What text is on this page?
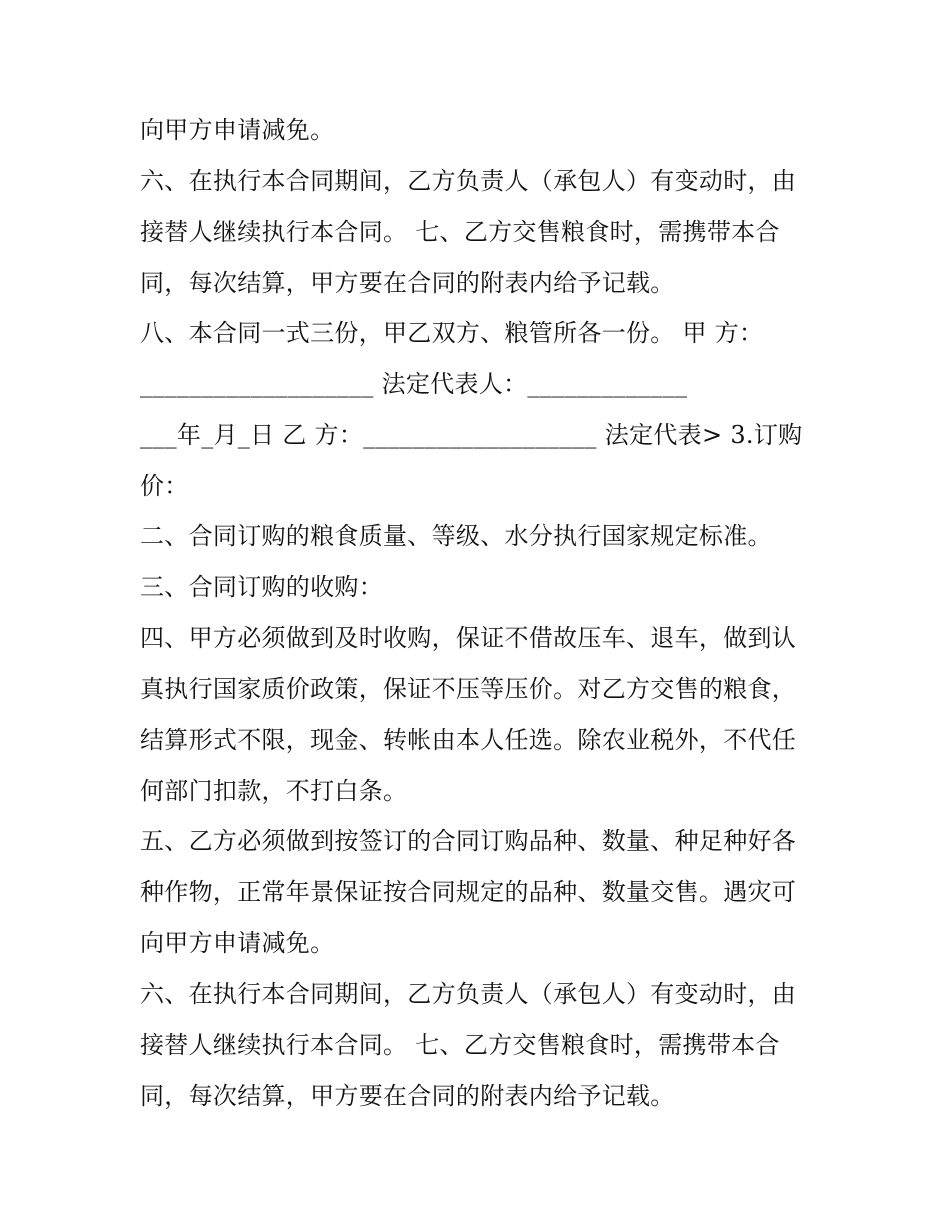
向甲方申请减免。
六、在执行本合同期间，乙方负责人（承包人）有变动时，由
接替人继续执行本合同。 七、乙方交售粮食时，需携带本合
同，每次结算，甲方要在合同的附表内给予记载。
八、本合同一式三份，甲乙双方、粮管所各一份。 甲 方：
___________________ 法定代表人：_____________
___年_月_日 乙 方：___________________ 法定代表> 3.订购
价：
二、合同订购的粮食质量、等级、水分执行国家规定标准。
三、合同订购的收购：
四、甲方必须做到及时收购，保证不借故压车、退车，做到认
真执行国家质价政策，保证不压等压价。对乙方交售的粮食，
结算形式不限，现金、转帐由本人任选。除农业税外，不代任
何部门扣款，不打白条。
五、乙方必须做到按签订的合同订购品种、数量、种足种好各
种作物，正常年景保证按合同规定的品种、数量交售。遇灾可
向甲方申请减免。
六、在执行本合同期间，乙方负责人（承包人）有变动时，由
接替人继续执行本合同。 七、乙方交售粮食时，需携带本合
同，每次结算，甲方要在合同的附表内给予记载。
